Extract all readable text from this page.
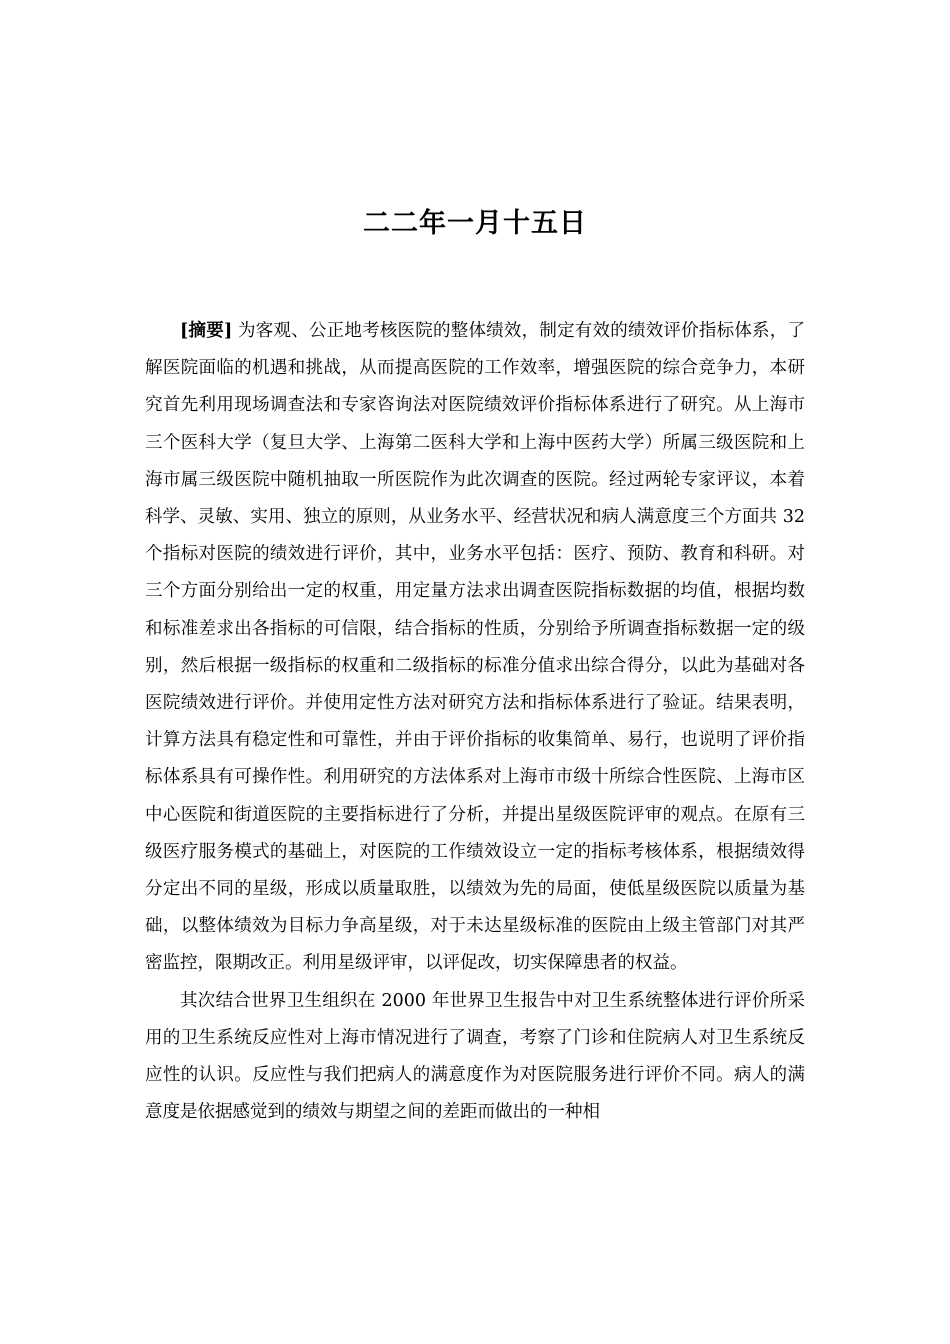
二二年一月十五日

[摘要] 为客观、公正地考核医院的整体绩效，制定有效的绩效评价指标体系，了解医院面临的机遇和挑战，从而提高医院的工作效率，增强医院的综合竞争力，本研究首先利用现场调查法和专家咨询法对医院绩效评价指标体系进行了研究。从上海市三个医科大学（复旦大学、上海第二医科大学和上海中医药大学）所属三级医院和上海市属三级医院中随机抽取一所医院作为此次调查的医院。经过两轮专家评议，本着科学、灵敏、实用、独立的原则，从业务水平、经营状况和病人满意度三个方面共 32 个指标对医院的绩效进行评价，其中，业务水平包括：医疗、预防、教育和科研。对三个方面分别给出一定的权重，用定量方法求出调查医院指标数据的均值，根据均数和标准差求出各指标的可信限，结合指标的性质，分别给予所调查指标数据一定的级别，然后根据一级指标的权重和二级指标的标准分值求出综合得分，以此为基础对各医院绩效进行评价。并使用定性方法对研究方法和指标体系进行了验证。结果表明，计算方法具有稳定性和可靠性，并由于评价指标的收集简单、易行，也说明了评价指标体系具有可操作性。利用研究的方法体系对上海市市级十所综合性医院、上海市区中心医院和街道医院的主要指标进行了分析，并提出星级医院评审的观点。在原有三级医疗服务模式的基础上，对医院的工作绩效设立一定的指标考核体系，根据绩效得分定出不同的星级，形成以质量取胜，以绩效为先的局面，使低星级医院以质量为基础，以整体绩效为目标力争高星级，对于未达星级标准的医院由上级主管部门对其严密监控，限期改正。利用星级评审，以评促改，切实保障患者的权益。

其次结合世界卫生组织在 2000 年世界卫生报告中对卫生系统整体进行评价所采用的卫生系统反应性对上海市情况进行了调查，考察了门诊和住院病人对卫生系统反应性的认识。反应性与我们把病人的满意度作为对医院服务进行评价不同。病人的满意度是依据感觉到的绩效与期望之间的差距而做出的一种相
